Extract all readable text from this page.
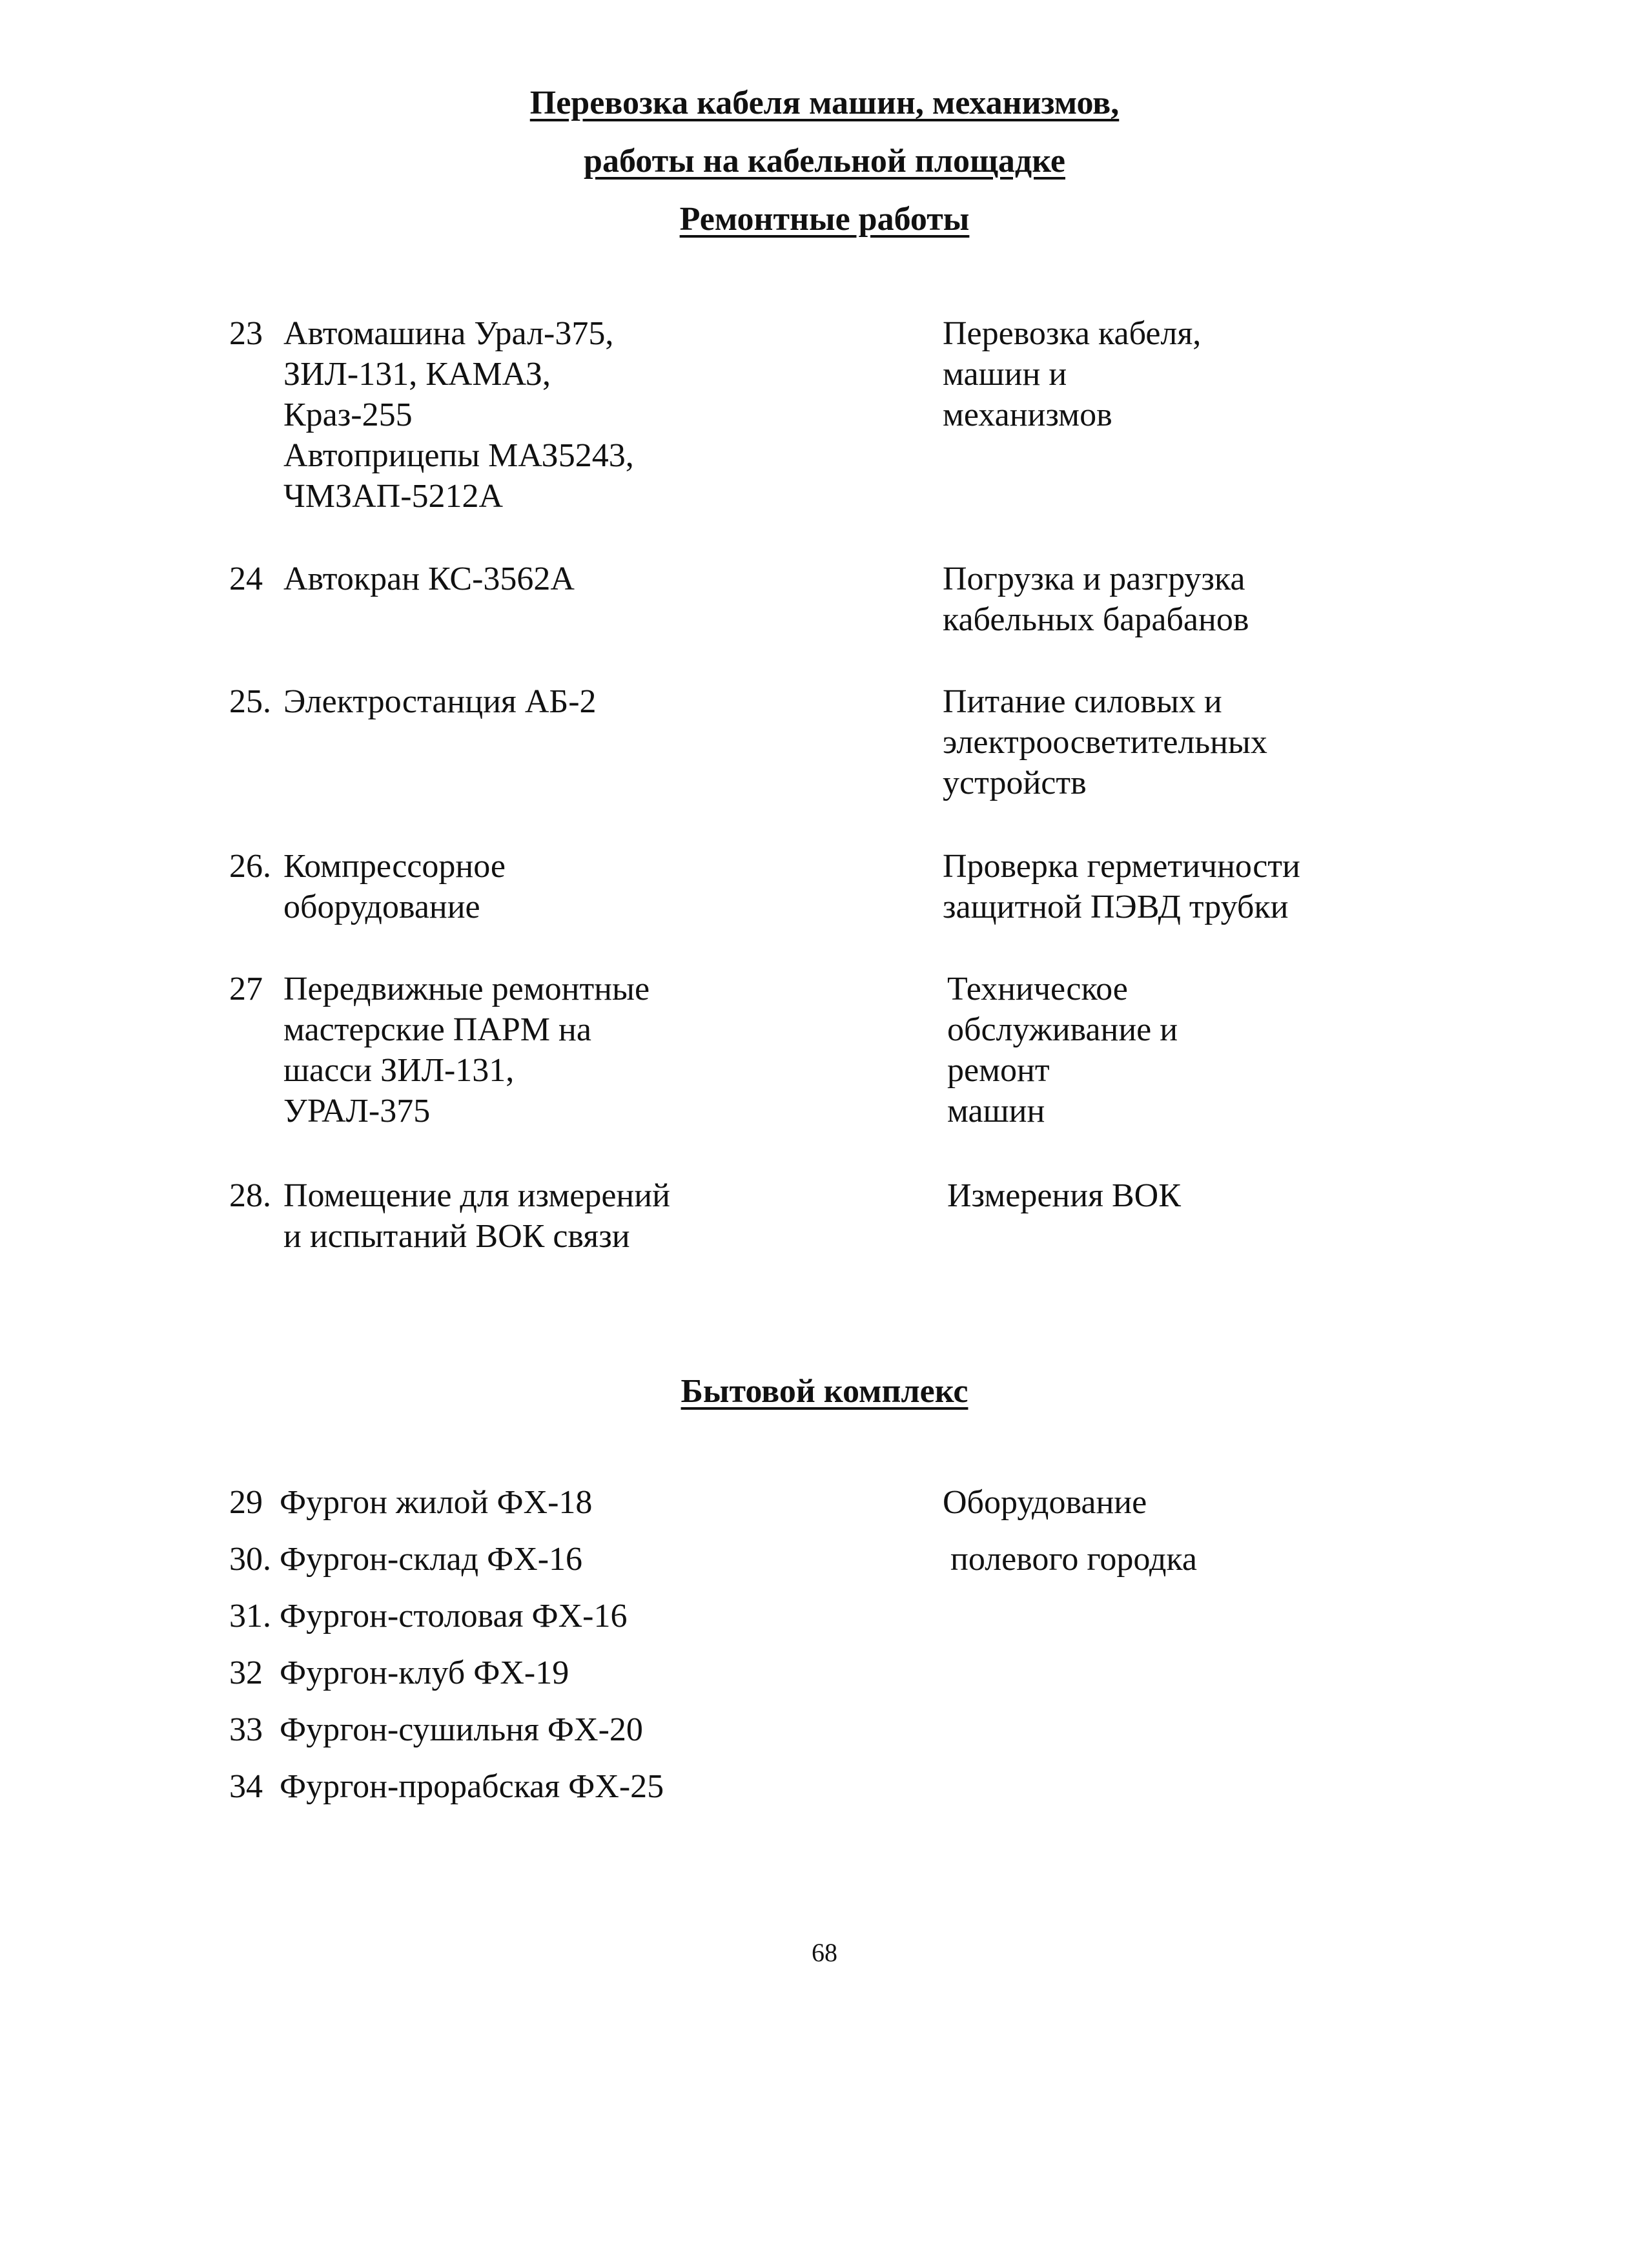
Перевозка кабеля машин, механизмов,
работы на кабельной площадке
Ремонтные работы
23 Автомашина Урал-375,
ЗИЛ-131, КАМАЗ,
Краз-255
Автоприцепы МАЗ5243,
ЧМЗАП-5212А
Перевозка кабеля,
машин и
механизмов
24 Автокран КС-3562А	Погрузка и разгрузка
кабельных барабанов
25. Электростанция АБ-2	Питание силовых и
электроосветительных
устройств
26. Компрессорное
оборудование
Проверка герметичности
защитной ПЭВД трубки
27 Передвижные ремонтные
мастерские ПАРМ на
шасси ЗИЛ-131,
УРАЛ-375
Техническое
обслуживание и
ремонт
машин
28. Помещение для измерений
и испытаний ВОК связи
Измерения ВОК
Бытовой комплекс
29 Фургон жилой ФХ-18
30. Фургон-склад ФХ-16
31. Фургон-столовая ФХ-16
32 Фургон-клуб ФХ-19
33 Фургон-сушильня ФХ-20
34 Фургон-прорабская ФХ-25
Оборудование
полевого городка
68
